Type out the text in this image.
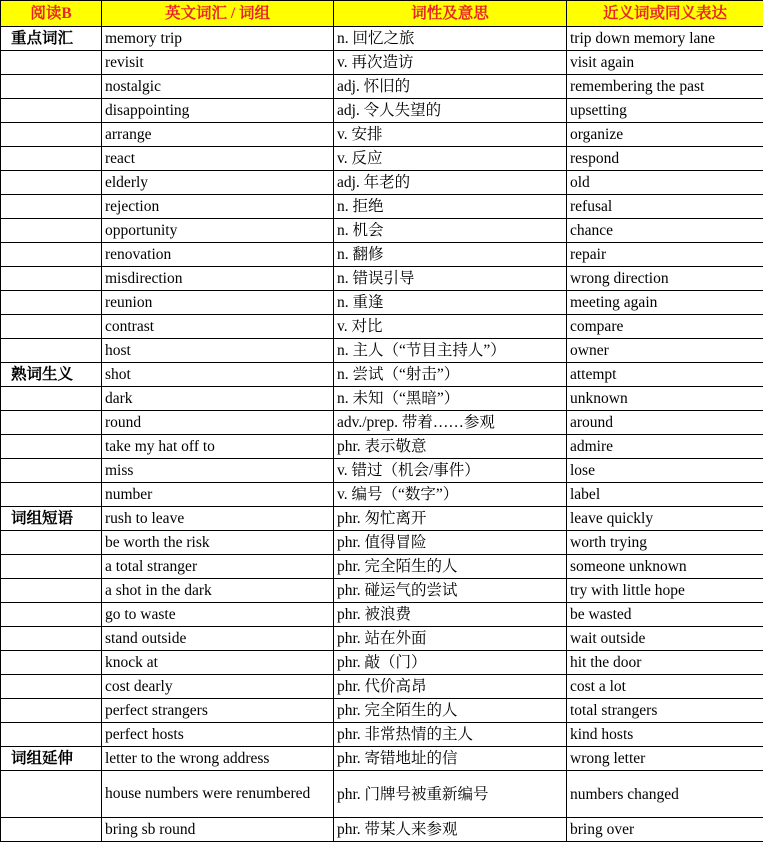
阅读B	英文词汇 / 词组	词性及意思	近义词或同义表达
重点词汇	memory trip	n. 回忆之旅	trip down memory lane
	revisit	v. 再次造访	visit again
	nostalgic	adj. 怀旧的	remembering the past
	disappointing	adj. 令人失望的	upsetting
	arrange	v. 安排	organize
	react	v. 反应	respond
	elderly	adj. 年老的	old
	rejection	n. 拒绝	refusal
	opportunity	n. 机会	chance
	renovation	n. 翻修	repair
	misdirection	n. 错误引导	wrong direction
	reunion	n. 重逢	meeting again
	contrast	v. 对比	compare
	host	n. 主人（“节目主持人”）	owner
熟词生义	shot	n. 尝试（“射击”）	attempt
	dark	n. 未知（“黑暗”）	unknown
	round	adv./prep. 带着……参观	around
	take my hat off to	phr. 表示敬意	admire
	miss	v. 错过（机会/事件）	lose
	number	v. 编号（“数字”）	label
词组短语	rush to leave	phr. 匆忙离开	leave quickly
	be worth the risk	phr. 值得冒险	worth trying
	a total stranger	phr. 完全陌生的人	someone unknown
	a shot in the dark	phr. 碰运气的尝试	try with little hope
	go to waste	phr. 被浪费	be wasted
	stand outside	phr. 站在外面	wait outside
	knock at	phr. 敲（门）	hit the door
	cost dearly	phr. 代价高昂	cost a lot
	perfect strangers	phr. 完全陌生的人	total strangers
	perfect hosts	phr. 非常热情的主人	kind hosts
词组延伸	letter to the wrong address	phr. 寄错地址的信	wrong letter
	house numbers were renumbered	phr. 门牌号被重新编号	numbers changed
	bring sb round	phr. 带某人来参观	bring over
